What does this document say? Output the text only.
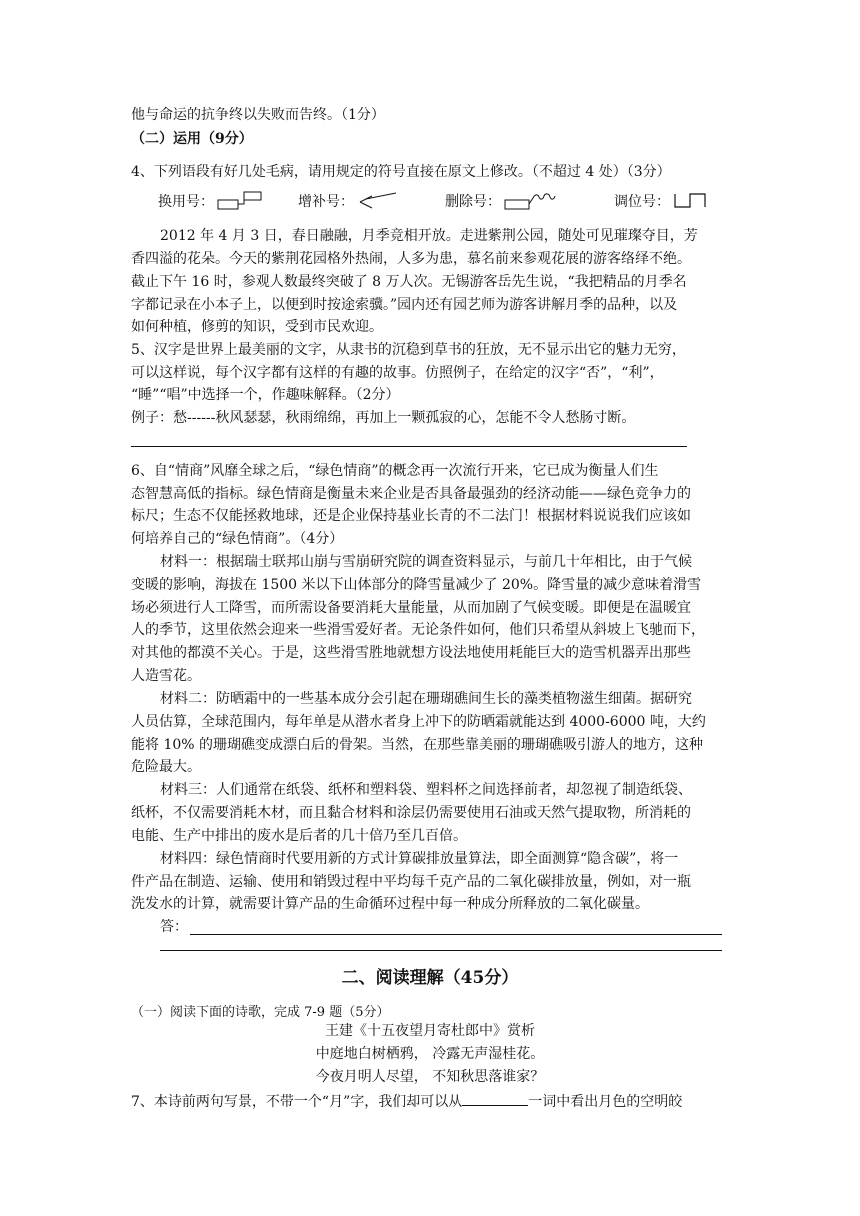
他与命运的抗争终以失败而告终。（1分）
（二）运用（9分）
4、下列语段有好几处毛病，请用规定的符号直接在原文上修改。（不超过 4 处）（3分）
换用号：	增补号：	删除号：	调位号：
2012 年 4 月 3 日，春日融融，月季竞相开放。走进紫荆公园，随处可见璀璨夺目，芳
香四溢的花朵。今天的紫荆花园格外热闹，人多为患，慕名前来参观花展的游客络绎不绝。
截止下午 16 时，参观人数最终突破了 8 万人次。无锡游客岳先生说，“我把精品的月季名
字都记录在小本子上，以便到时按途索骥。”园内还有园艺师为游客讲解月季的品种，以及
如何种植，修剪的知识，受到市民欢迎。
5、汉字是世界上最美丽的文字，从隶书的沉稳到草书的狂放，无不显示出它的魅力无穷，
可以这样说，每个汉字都有这样的有趣的故事。仿照例子，在给定的汉字“否”，“利”，
“睡”“唱”中选择一个，作趣味解释。（2分）
例子：愁------秋风瑟瑟，秋雨绵绵，再加上一颗孤寂的心，怎能不令人愁肠寸断。
6、自“情商”风靡全球之后，“绿色情商”的概念再一次流行开来，它已成为衡量人们生
态智慧高低的指标。绿色情商是衡量未来企业是否具备最强劲的经济动能——绿色竞争力的
标尺；生态不仅能拯救地球，还是企业保持基业长青的不二法门！根据材料说说我们应该如
何培养自己的“绿色情商”。（4分）
材料一：根据瑞士联邦山崩与雪崩研究院的调查资料显示，与前几十年相比，由于气候
变暖的影响，海拔在 1500 米以下山体部分的降雪量减少了 20%。降雪量的减少意味着滑雪
场必须进行人工降雪，而所需设备要消耗大量能量，从而加剧了气候变暖。即便是在温暖宜
人的季节，这里依然会迎来一些滑雪爱好者。无论条件如何，他们只希望从斜坡上飞驰而下，
对其他的都漠不关心。于是，这些滑雪胜地就想方设法地使用耗能巨大的造雪机器弄出那些
人造雪花。
材料二：防晒霜中的一些基本成分会引起在珊瑚礁间生长的藻类植物滋生细菌。据研究
人员估算，全球范围内，每年单是从潜水者身上冲下的防晒霜就能达到 4000-6000 吨，大约
能将 10% 的珊瑚礁变成漂白后的骨架。当然，在那些靠美丽的珊瑚礁吸引游人的地方，这种
危险最大。
材料三：人们通常在纸袋、纸杯和塑料袋、塑料杯之间选择前者，却忽视了制造纸袋、
纸杯，不仅需要消耗木材，而且黏合材料和涂层仍需要使用石油或天然气提取物，所消耗的
电能、生产中排出的废水是后者的几十倍乃至几百倍。
材料四：绿色情商时代要用新的方式计算碳排放量算法，即全面测算“隐含碳”，将一
件产品在制造、运输、使用和销毁过程中平均每千克产品的二氧化碳排放量，例如，对一瓶
洗发水的计算，就需要计算产品的生命循环过程中每一种成分所释放的二氧化碳量。
答：
二、阅读理解（45分）
（一）阅读下面的诗歌，完成 7-9 题（5分）
王建《十五夜望月寄杜郎中》赏析
中庭地白树栖鸦， 冷露无声湿桂花。
今夜月明人尽望， 不知秋思落谁家？
7、本诗前两句写景，不带一个“月”字，我们却可以从	一词中看出月色的空明皎
